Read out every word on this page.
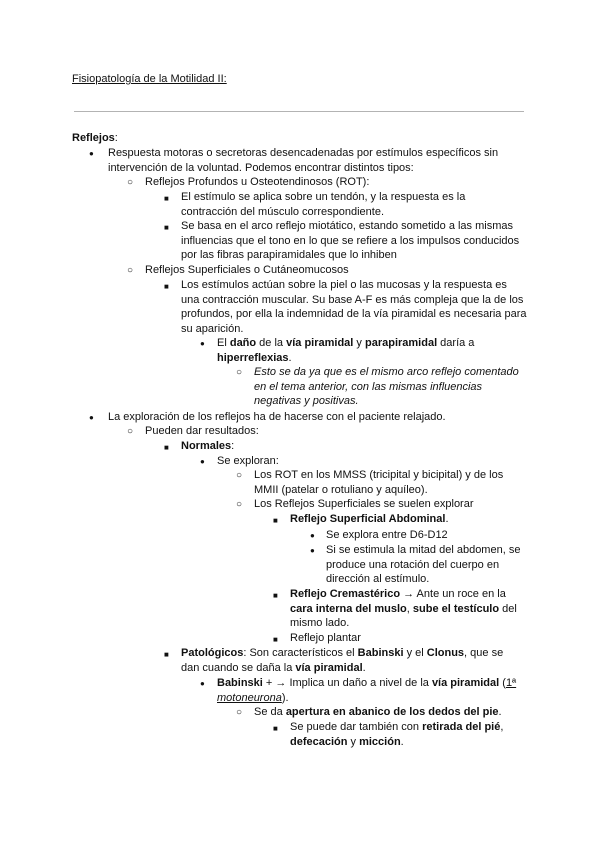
Fisiopatología de la Motilidad II:
Reflejos:
● Respuesta motoras o secretoras desencadenadas por estímulos específicos sin intervención de la voluntad. Podemos encontrar distintos tipos:
○ Reflejos Profundos u Osteotendinosos (ROT):
■ El estímulo se aplica sobre un tendón, y la respuesta es la contracción del músculo correspondiente.
■ Se basa en el arco reflejo miotático, estando sometido a las mismas influencias que el tono en lo que se refiere a los impulsos conducidos por las fibras parapiramidales que lo inhiben
○ Reflejos Superficiales o Cutáneomucosos
■ Los estímulos actúan sobre la piel o las mucosas y la respuesta es una contracción muscular. Su base A-F es más compleja que la de los profundos, por ella la indemnidad de la vía piramidal es necesaria para su aparición.
● El daño de la vía piramidal y parapiramidal daría a hiperreflexias.
○ Esto se da ya que es el mismo arco reflejo comentado en el tema anterior, con las mismas influencias negativas y positivas.
● La exploración de los reflejos ha de hacerse con el paciente relajado.
○ Pueden dar resultados:
■ Normales:
● Se exploran:
○ Los ROT en los MMSS (tricipital y bicipital) y de los MMII (patelar o rotuliano y aquíleo).
○ Los Reflejos Superficiales se suelen explorar
■ Reflejo Superficial Abdominal.
● Se explora entre D6-D12
● Si se estimula la mitad del abdomen, se produce una rotación del cuerpo en dirección al estímulo.
■ Reflejo Cremastérico → Ante un roce en la cara interna del muslo, sube el testículo del mismo lado.
■ Reflejo plantar
■ Patológicos: Son característicos el Babinski y el Clonus, que se dan cuando se daña la vía piramidal.
● Babinski + → Implica un daño a nivel de la vía piramidal (1ª motoneurona).
○ Se da apertura en abanico de los dedos del pie.
■ Se puede dar también con retirada del pié, defecación y micción.
